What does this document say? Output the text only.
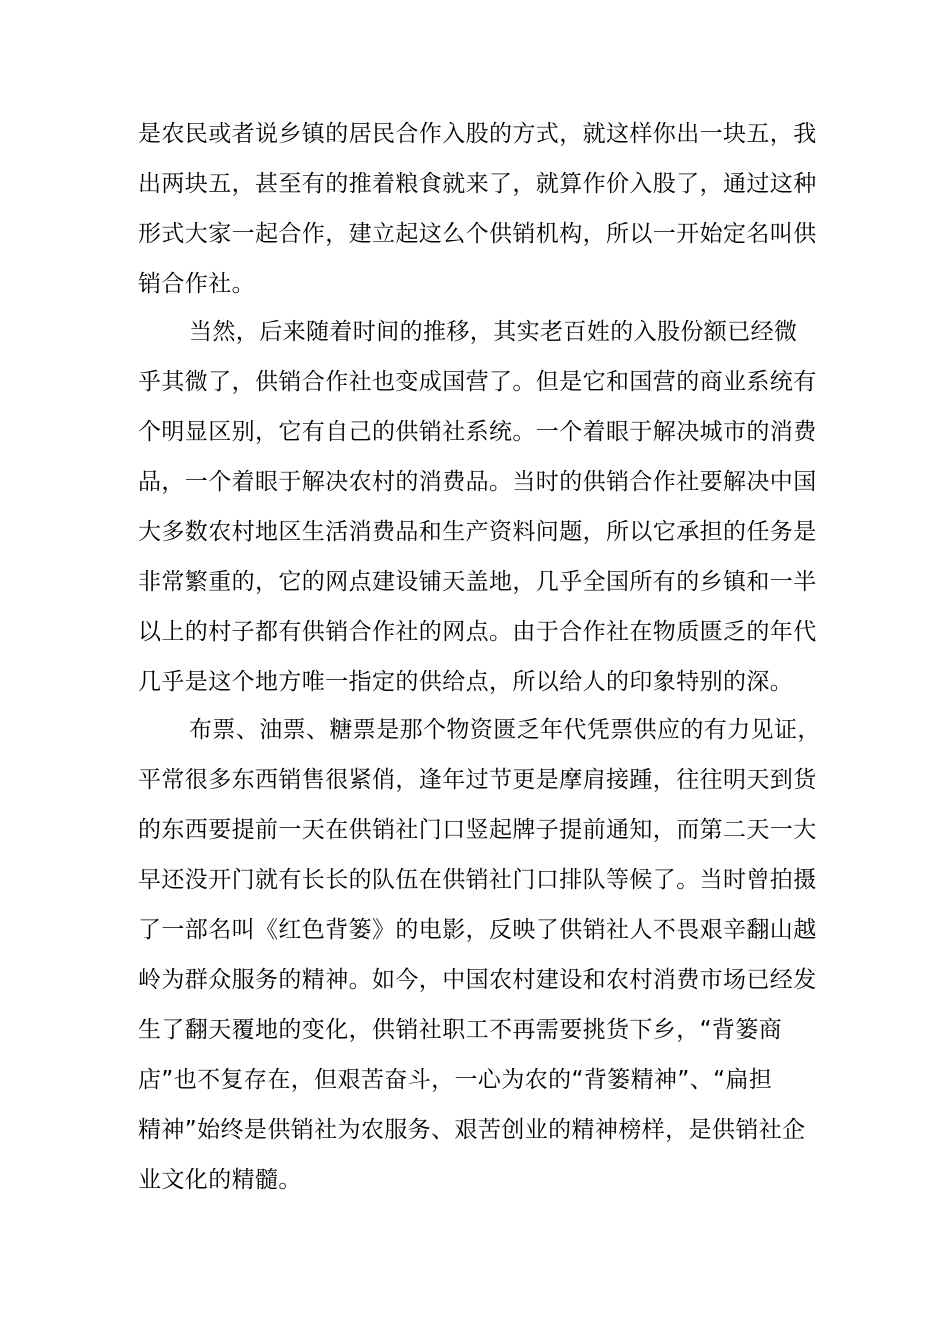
是农民或者说乡镇的居民合作入股的方式，就这样你出一块五，我
出两块五，甚至有的推着粮食就来了，就算作价入股了，通过这种
形式大家一起合作，建立起这么个供销机构，所以一开始定名叫供
销合作社。
当然，后来随着时间的推移，其实老百姓的入股份额已经微
乎其微了，供销合作社也变成国营了。但是它和国营的商业系统有
个明显区别，它有自己的供销社系统。一个着眼于解决城市的消费
品，一个着眼于解决农村的消费品。当时的供销合作社要解决中国
大多数农村地区生活消费品和生产资料问题，所以它承担的任务是
非常繁重的，它的网点建设铺天盖地，几乎全国所有的乡镇和一半
以上的村子都有供销合作社的网点。由于合作社在物质匮乏的年代
几乎是这个地方唯一指定的供给点，所以给人的印象特别的深。
布票、油票、糖票是那个物资匮乏年代凭票供应的有力见证，
平常很多东西销售很紧俏，逢年过节更是摩肩接踵，往往明天到货
的东西要提前一天在供销社门口竖起牌子提前通知，而第二天一大
早还没开门就有长长的队伍在供销社门口排队等候了。当时曾拍摄
了一部名叫《红色背篓》的电影，反映了供销社人不畏艰辛翻山越
岭为群众服务的精神。如今，中国农村建设和农村消费市场已经发
生了翻天覆地的变化，供销社职工不再需要挑货下乡，“背篓商
店”也不复存在，但艰苦奋斗，一心为农的“背篓精神”、“扁担
精神”始终是供销社为农服务、艰苦创业的精神榜样，是供销社企
业文化的精髓。
